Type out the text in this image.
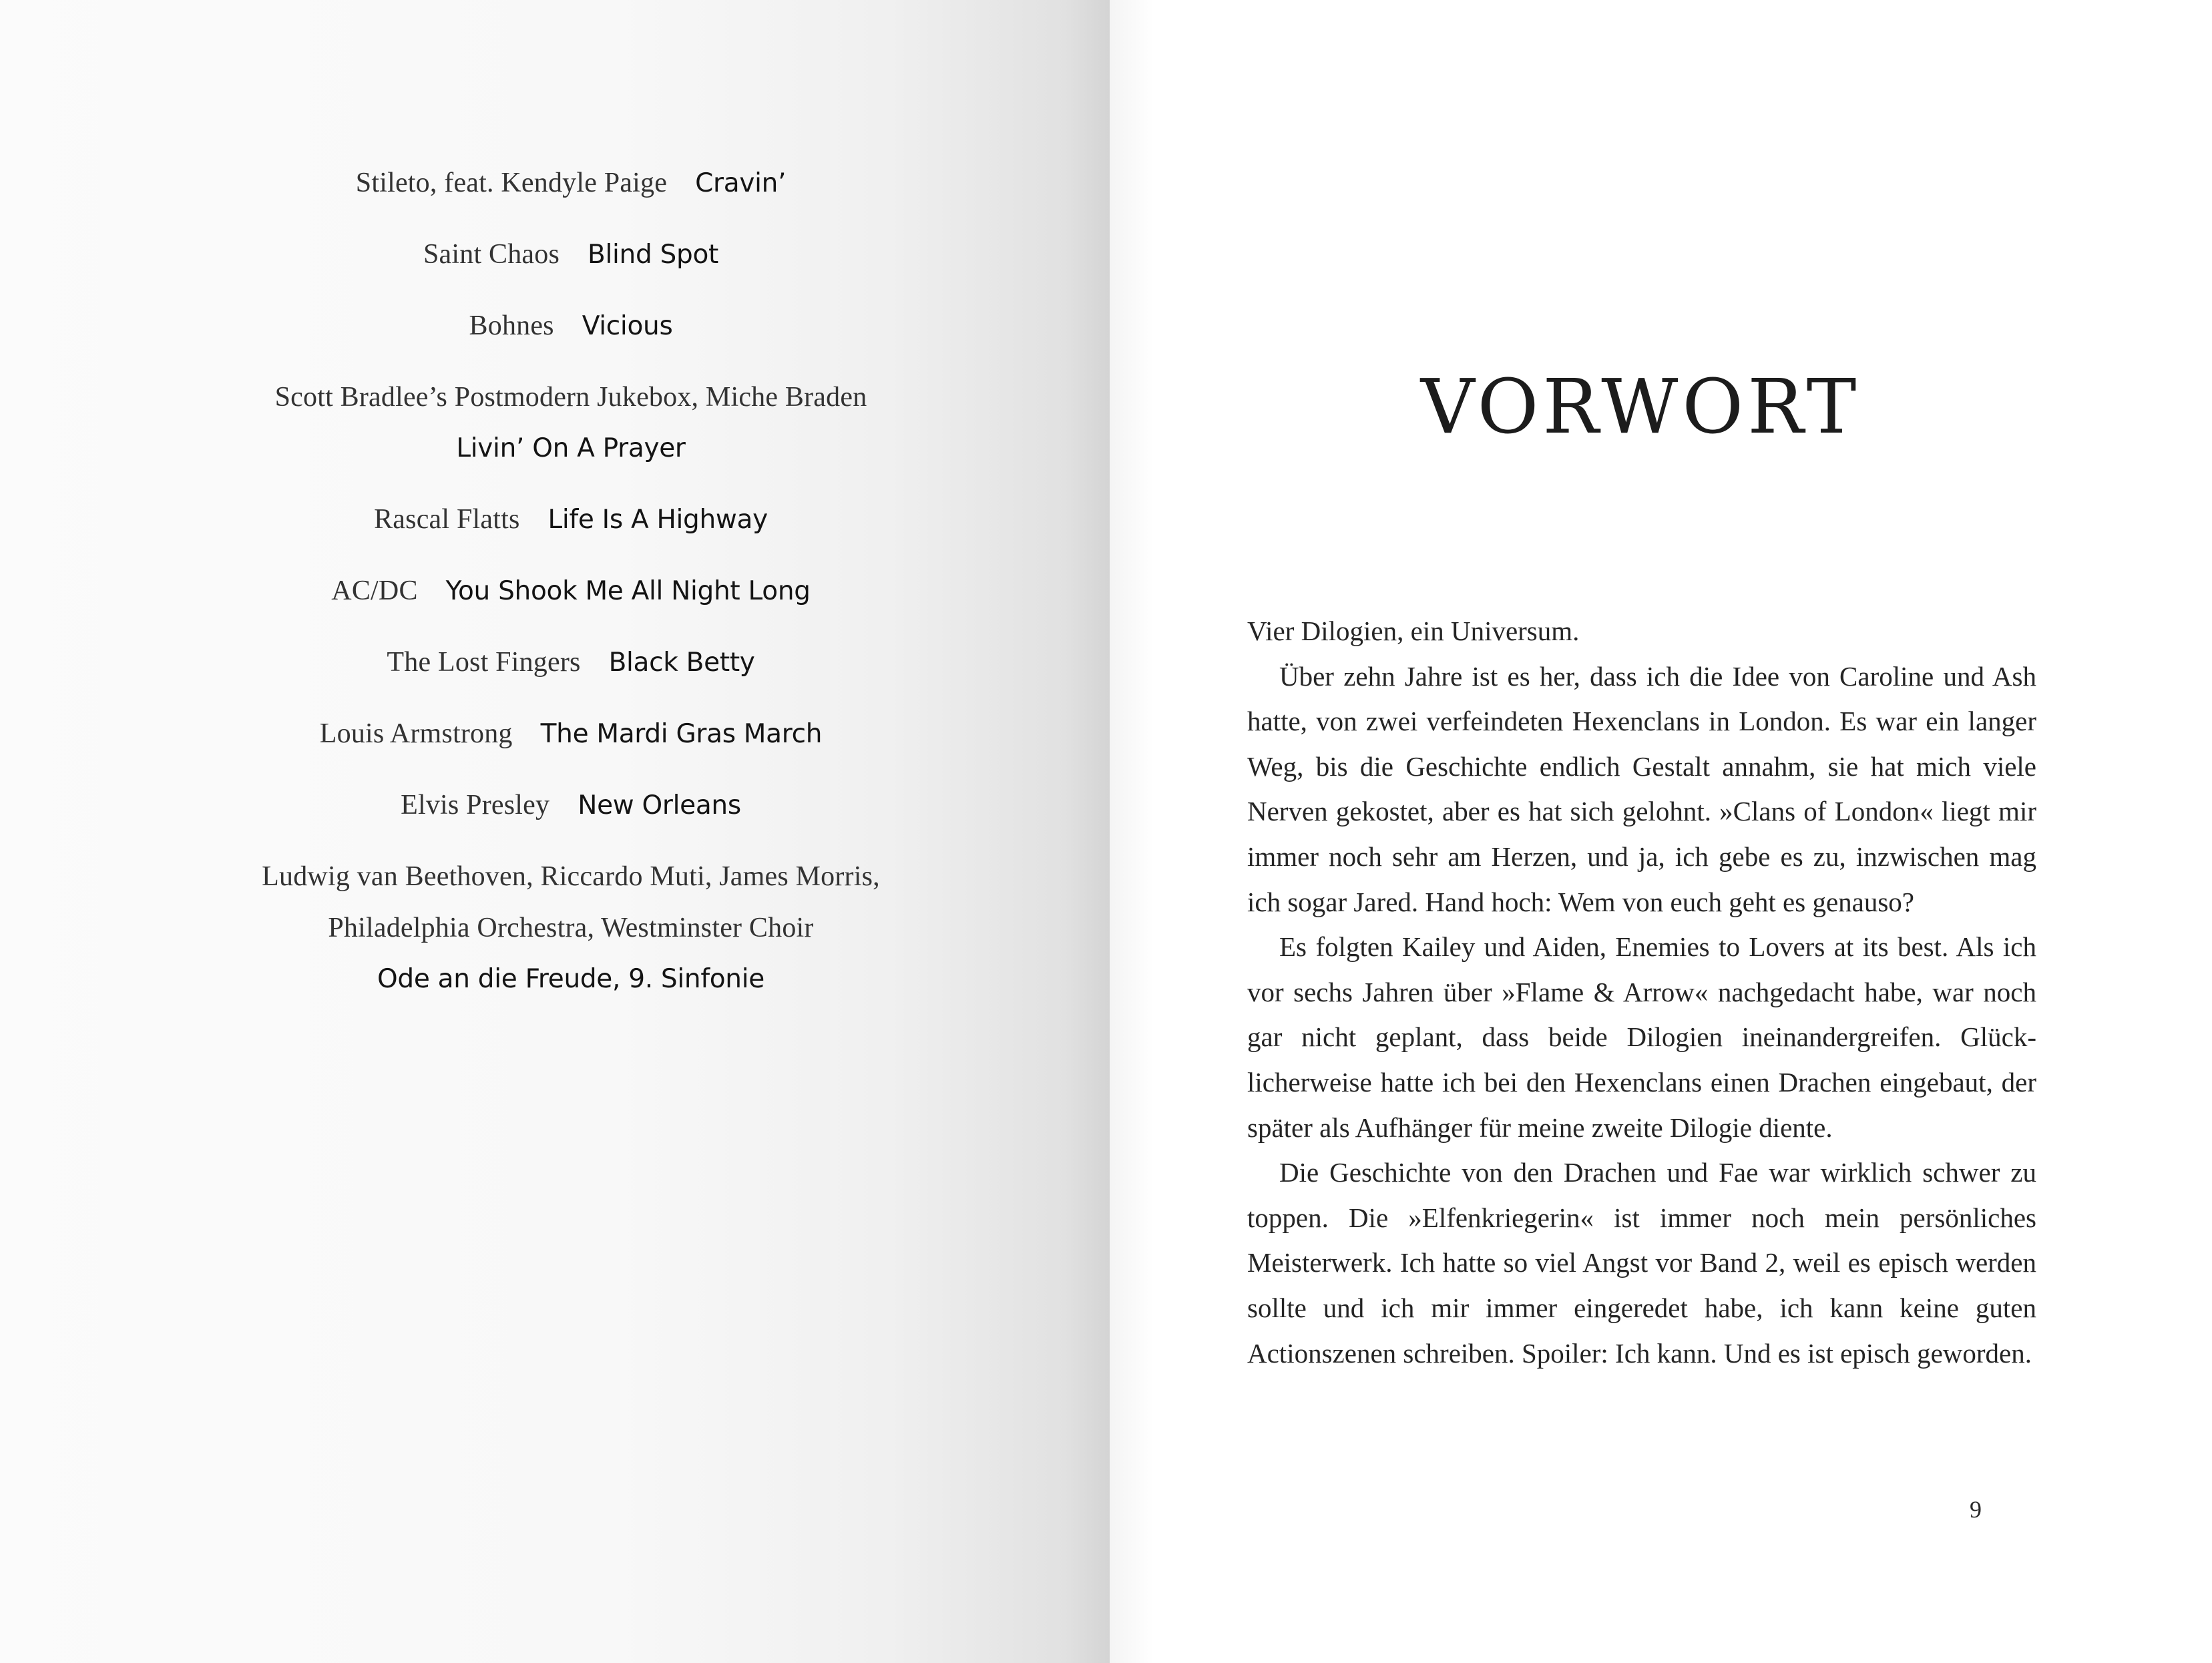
Stileto, feat. Kendyle Paige Cravin’
Saint Chaos Blind Spot
Bohnes Vicious
Scott Bradlee’s Postmodern Jukebox, Miche Braden
Livin’ On A Prayer
Rascal Flatts Life Is A Highway
AC/DC You Shook Me All Night Long
The Lost Fingers Black Betty
Louis Armstrong The Mardi Gras March
Elvis Presley New Orleans
Ludwig van Beethoven, Riccardo Muti, James Morris,
Philadelphia Orchestra, Westminster Choir
Ode an die Freude, 9. Sinfonie
VORWORT

Vier Dilogien, ein Universum.

Über zehn Jahre ist es her, dass ich die Idee von Caroline und Ash hatte, von zwei verfeindeten Hexenclans in London. Es war ein langer Weg, bis die Geschichte endlich Gestalt annahm, sie hat mich viele Nerven gekostet, aber es hat sich gelohnt. »Clans of London« liegt mir immer noch sehr am Herzen, und ja, ich gebe es zu, inzwischen mag ich sogar Jared. Hand hoch: Wem von euch geht es genauso?

Es folgten Kailey und Aiden, Enemies to Lovers at its best. Als ich vor sechs Jahren über »Flame & Arrow« nachgedacht habe, war noch gar nicht geplant, dass beide Dilogien ineinandergreifen. Glücklicherweise hatte ich bei den Hexenclans einen Drachen eingebaut, der später als Aufhänger für meine zweite Dilogie diente.

Die Geschichte von den Drachen und Fae war wirklich schwer zu toppen. Die »Elfenkriegerin« ist immer noch mein persönliches Meisterwerk. Ich hatte so viel Angst vor Band 2, weil es episch werden sollte und ich mir immer eingeredet habe, ich kann keine guten Actionszenen schreiben. Spoiler: Ich kann. Und es ist episch geworden.

9
